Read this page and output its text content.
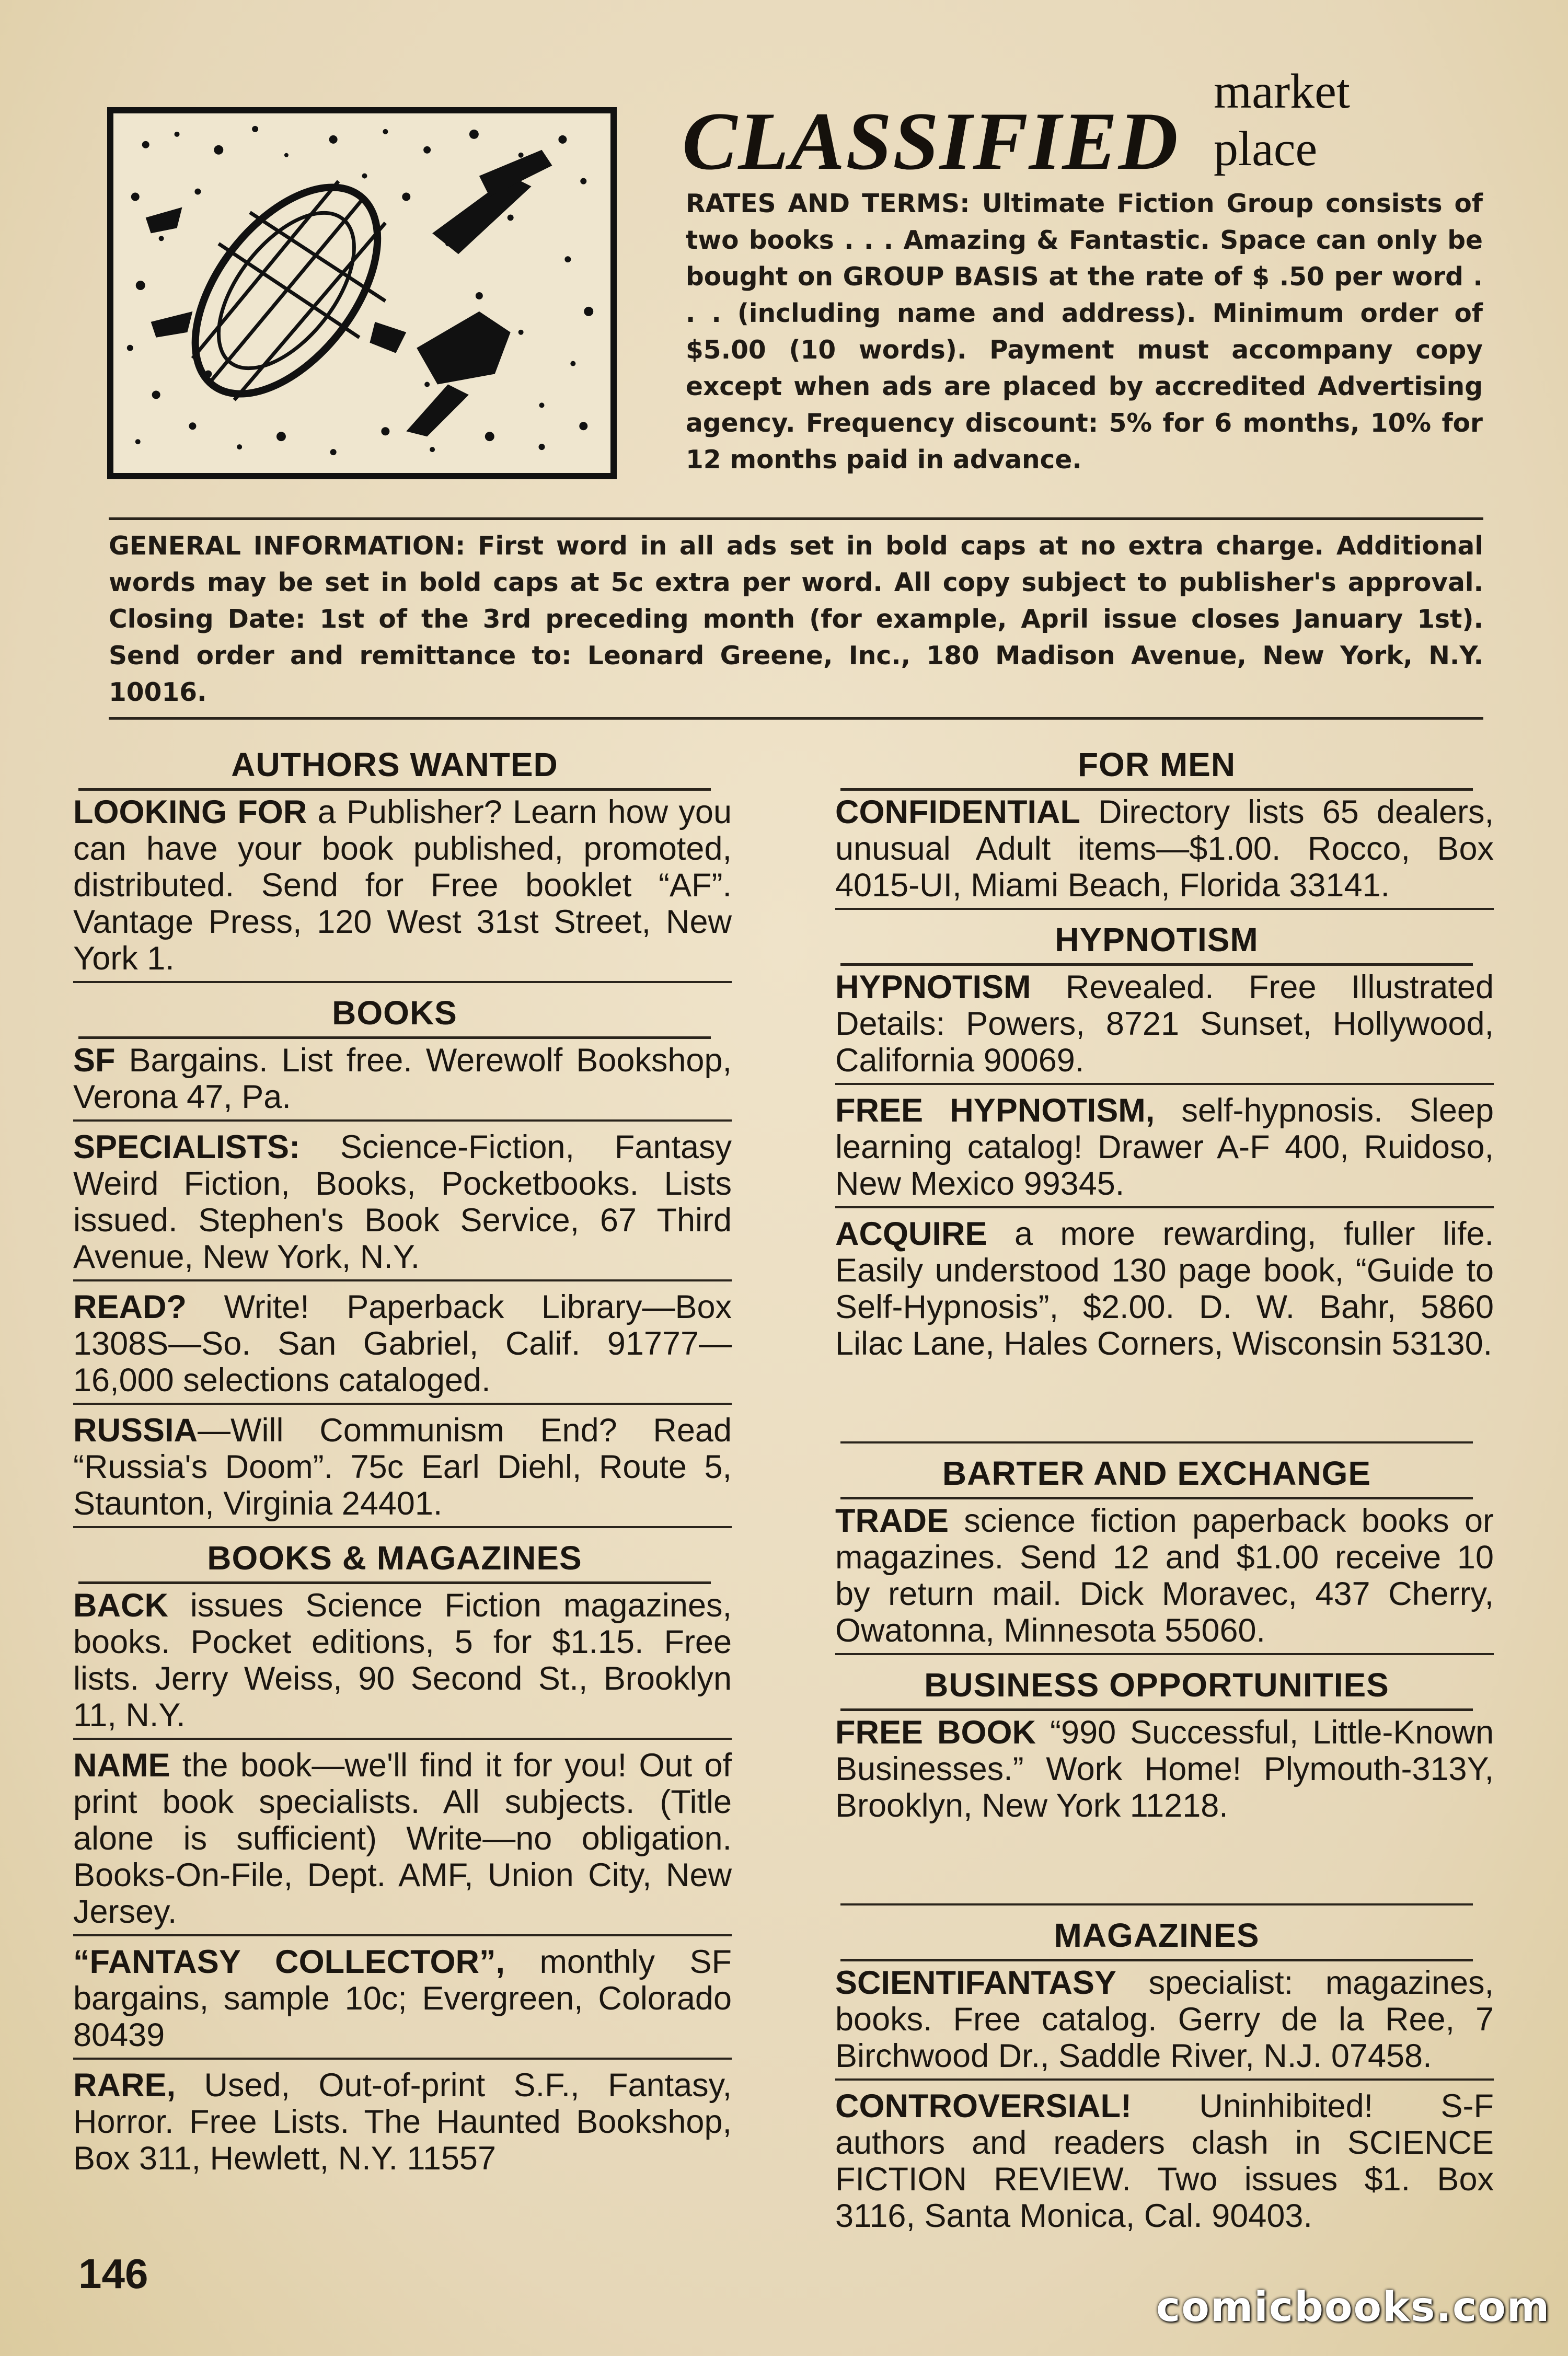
CLASSIFIED
market
place
RATES AND TERMS: Ultimate Fiction Group consists of two books . . . Amazing & Fantastic. Space can only be bought on GROUP BASIS at the rate of $ .50 per word . . . (including name and address). Minimum order of $5.00 (10 words). Payment must accompany copy except when ads are placed by accredited Advertising agency. Frequency discount: 5% for 6 months, 10% for 12 months paid in advance.
GENERAL INFORMATION: First word in all ads set in bold caps at no extra charge. Additional words may be set in bold caps at 5c extra per word. All copy subject to publisher's approval. Closing Date: 1st of the 3rd preceding month (for example, April issue closes January 1st). Send order and remittance to: Leonard Greene, Inc., 180 Madison Avenue, New York, N.Y. 10016.
AUTHORS WANTED
LOOKING FOR a Publisher? Learn how you can have your book published, promoted, distributed. Send for Free booklet “AF”. Vantage Press, 120 West 31st Street, New York 1.
BOOKS
SF Bargains. List free. Werewolf Bookshop, Verona 47, Pa.
SPECIALISTS: Science-Fiction, Fantasy Weird Fiction, Books, Pocketbooks. Lists issued. Stephen's Book Service, 67 Third Avenue, New York, N.Y.
READ? Write! Paperback Library—Box 1308S—So. San Gabriel, Calif. 91777—16,000 selections cataloged.
RUSSIA—Will Communism End? Read “Russia's Doom”. 75c Earl Diehl, Route 5, Staunton, Virginia 24401.
BOOKS & MAGAZINES
BACK issues Science Fiction magazines, books. Pocket editions, 5 for $1.15. Free lists. Jerry Weiss, 90 Second St., Brooklyn 11, N.Y.
NAME the book—we'll find it for you! Out of print book specialists. All subjects. (Title alone is sufficient) Write—no obligation. Books-On-File, Dept. AMF, Union City, New Jersey.
“FANTASY COLLECTOR”, monthly SF bargains, sample 10c; Evergreen, Colorado 80439
RARE, Used, Out-of-print S.F., Fantasy, Horror. Free Lists. The Haunted Bookshop, Box 311, Hewlett, N.Y. 11557
FOR MEN
CONFIDENTIAL Directory lists 65 dealers, unusual Adult items—$1.00. Rocco, Box 4015-UI, Miami Beach, Florida 33141.
HYPNOTISM
HYPNOTISM Revealed. Free Illustrated Details: Powers, 8721 Sunset, Hollywood, California 90069.
FREE HYPNOTISM, self-hypnosis. Sleep learning catalog! Drawer A-F 400, Ruidoso, New Mexico 99345.
ACQUIRE a more rewarding, fuller life. Easily understood 130 page book, “Guide to Self-Hypnosis”, $2.00. D. W. Bahr, 5860 Lilac Lane, Hales Corners, Wisconsin 53130.
BARTER AND EXCHANGE
TRADE science fiction paperback books or magazines. Send 12 and $1.00 receive 10 by return mail. Dick Moravec, 437 Cherry, Owatonna, Minnesota 55060.
BUSINESS OPPORTUNITIES
FREE BOOK “990 Successful, Little-Known Businesses.” Work Home! Plymouth-313Y, Brooklyn, New York 11218.
MAGAZINES
SCIENTIFANTASY specialist: magazines, books. Free catalog. Gerry de la Ree, 7 Birchwood Dr., Saddle River, N.J. 07458.
CONTROVERSIAL! Uninhibited! S-F authors and readers clash in SCIENCE FICTION REVIEW. Two issues $1. Box 3116, Santa Monica, Cal. 90403.
146
comicbooks.com
